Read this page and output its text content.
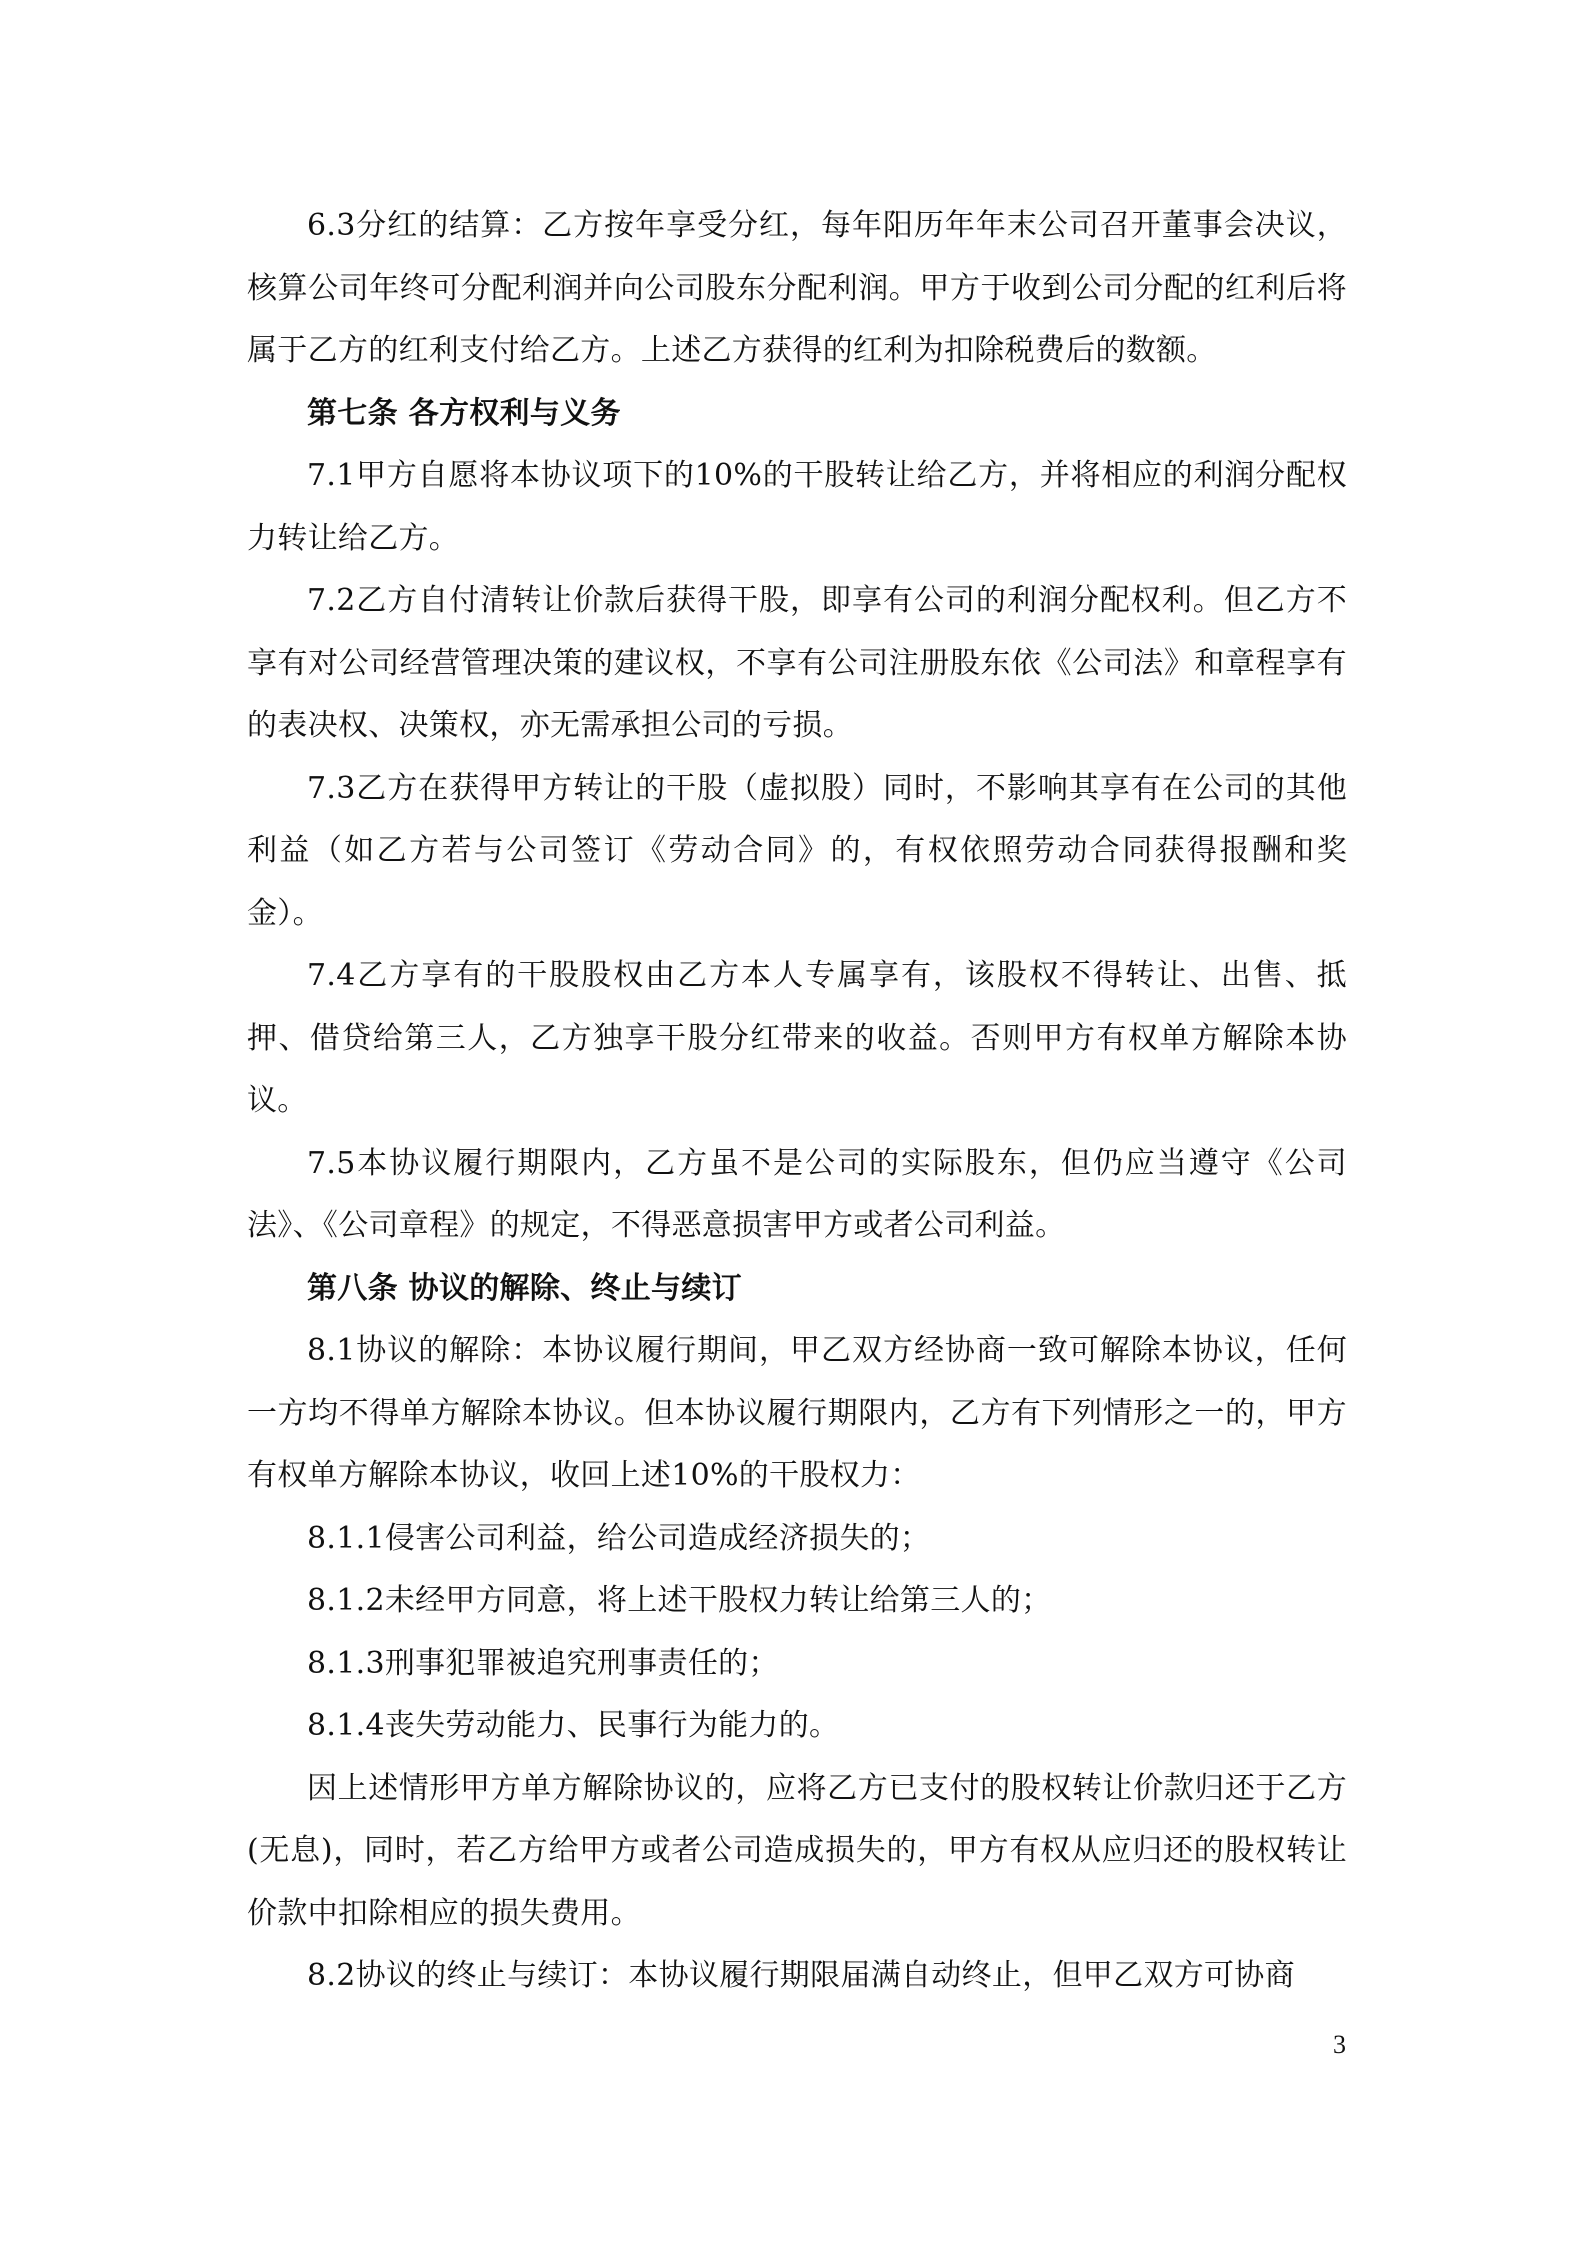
6.3分红的结算：乙方按年享受分红，每年阳历年年末公司召开董事会决议，核算公司年终可分配利润并向公司股东分配利润。甲方于收到公司分配的红利后将属于乙方的红利支付给乙方。上述乙方获得的红利为扣除税费后的数额。

第七条 各方权利与义务

7.1甲方自愿将本协议项下的10%的干股转让给乙方，并将相应的利润分配权力转让给乙方。

7.2乙方自付清转让价款后获得干股，即享有公司的利润分配权利。但乙方不享有对公司经营管理决策的建议权，不享有公司注册股东依《公司法》和章程享有的表决权、决策权，亦无需承担公司的亏损。

7.3乙方在获得甲方转让的干股（虚拟股）同时，不影响其享有在公司的其他利益（如乙方若与公司签订《劳动合同》的，有权依照劳动合同获得报酬和奖金）。

7.4乙方享有的干股股权由乙方本人专属享有，该股权不得转让、出售、抵押、借贷给第三人，乙方独享干股分红带来的收益。否则甲方有权单方解除本协议。

7.5本协议履行期限内，乙方虽不是公司的实际股东，但仍应当遵守《公司法》、《公司章程》的规定，不得恶意损害甲方或者公司利益。

第八条 协议的解除、终止与续订

8.1协议的解除：本协议履行期间，甲乙双方经协商一致可解除本协议，任何一方均不得单方解除本协议。但本协议履行期限内，乙方有下列情形之一的，甲方有权单方解除本协议，收回上述10%的干股权力：

8.1.1侵害公司利益，给公司造成经济损失的；

8.1.2未经甲方同意，将上述干股权力转让给第三人的；

8.1.3刑事犯罪被追究刑事责任的；

8.1.4丧失劳动能力、民事行为能力的。

因上述情形甲方单方解除协议的，应将乙方已支付的股权转让价款归还于乙方(无息)，同时，若乙方给甲方或者公司造成损失的，甲方有权从应归还的股权转让价款中扣除相应的损失费用。

8.2协议的终止与续订：本协议履行期限届满自动终止，但甲乙双方可协商

3
